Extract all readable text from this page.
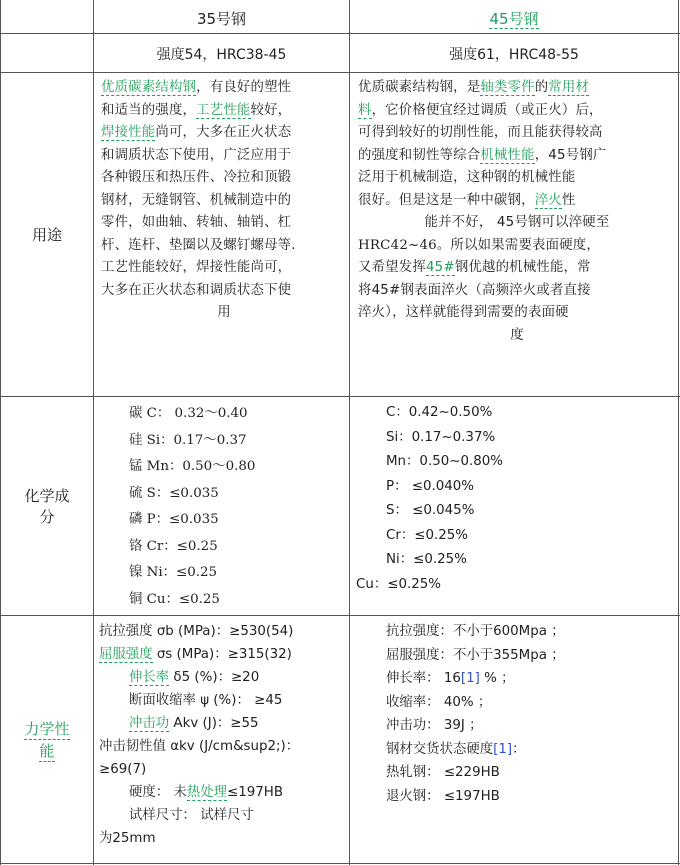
35号钢	45号钢
强度54，HRC38-45	强度61，HRC48-55
用途
优质碳素结构钢，有良好的塑性
和适当的强度，工艺性能较好，
焊接性能尚可，大多在正火状态
和调质状态下使用，广泛应用于
各种锻压和热压件、冷拉和顶锻
钢材，无缝钢管、机械制造中的
零件，如曲轴、转轴、轴销、杠
杆、连杆、垫圈以及螺钉螺母等.
工艺性能较好，焊接性能尚可，
大多在正火状态和调质状态下使
用
优质碳素结构钢，是轴类零件的常用材
料，它价格便宜经过调质（或正火）后，
可得到较好的切削性能，而且能获得较高
的强度和韧性等综合机械性能，45号钢广
泛用于机械制造，这种钢的机械性能
很好。但是这是一种中碳钢，淬火性
能并不好， 45号钢可以淬硬至
HRC42~46。所以如果需要表面硬度，
又希望发挥45#钢优越的机械性能，常
将45#钢表面淬火（高频淬火或者直接
淬火），这样就能得到需要的表面硬
度
化学成
分
碳 C： 0.32～0.40
硅 Si：0.17～0.37
锰 Mn：0.50～0.80
硫 S：≤0.035
磷 P：≤0.035
铬 Cr：≤0.25
镍 Ni：≤0.25
铜 Cu：≤0.25
C：0.42~0.50%
Si：0.17~0.37%
Mn：0.50~0.80%
P： ≤0.040%
S： ≤0.045%
Cr：≤0.25%
Ni：≤0.25%
Cu：≤0.25%
力学性
能
抗拉强度 σb (MPa)：≥530(54)
屈服强度 σs (MPa)：≥315(32)
伸长率 δ5 (%)：≥20
断面收缩率 ψ (%)： ≥45
冲击功 Akv (J)：≥55
冲击韧性值 αkv (J/cm&sup2;)：
≥69(7)
硬度： 未热处理≤197HB
试样尺寸： 试样尺寸
为25mm
抗拉强度：不小于600Mpa ；
屈服强度：不小于355Mpa ；
伸长率： 16[1] % ；
收缩率： 40% ；
冲击功： 39J ；
钢材交货状态硬度[1]：
热轧钢： ≤229HB
退火钢： ≤197HB
